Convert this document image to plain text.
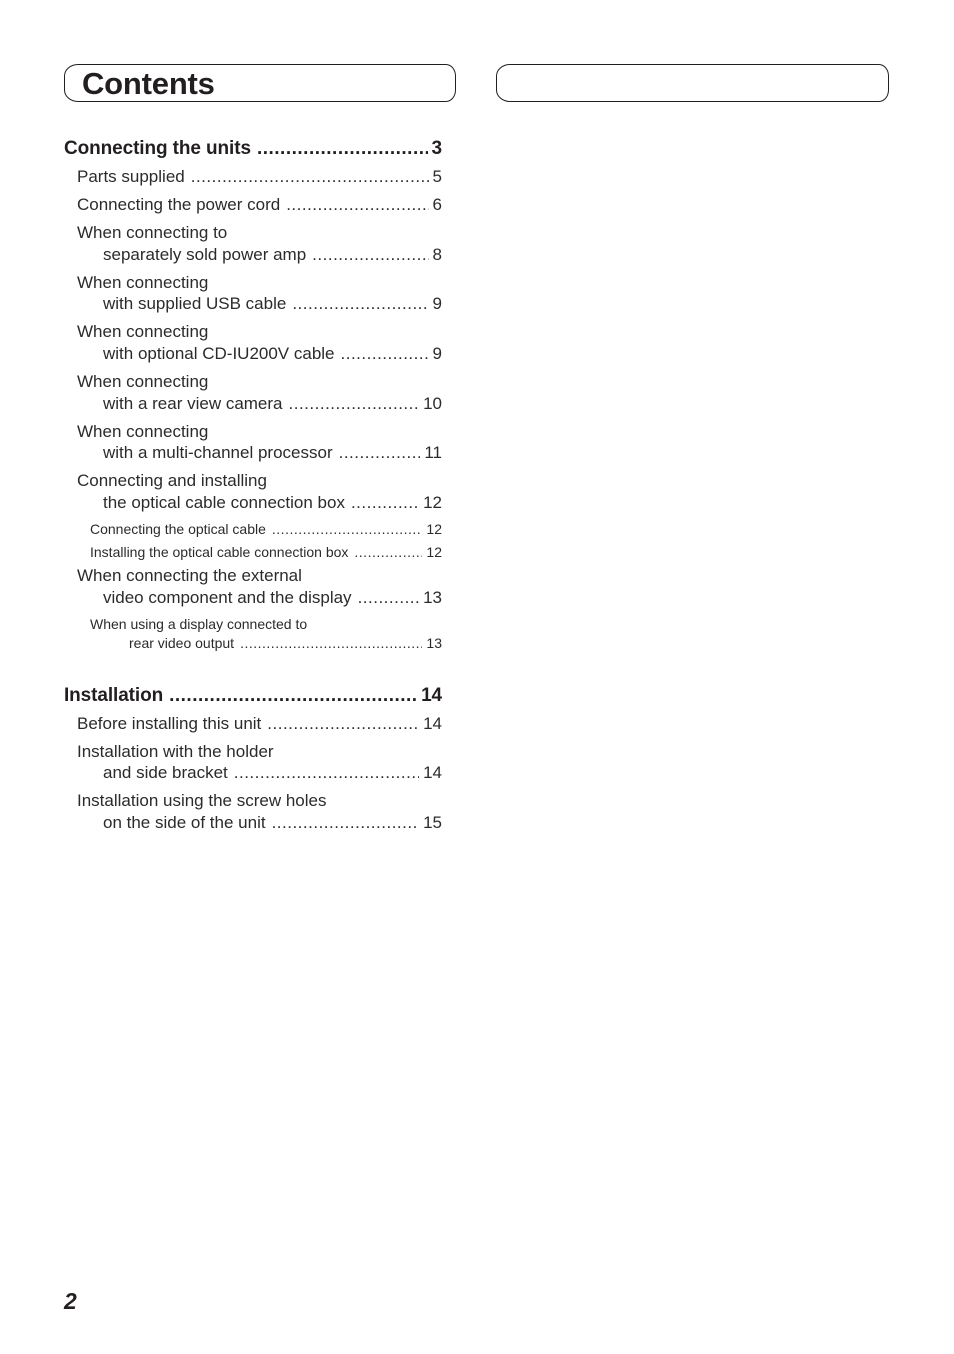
Contents
Connecting the units .....	3
Parts supplied .....	5
Connecting the power cord .....	6
When connecting to
separately sold power amp .....	8
When connecting
with supplied USB cable .....	9
When connecting
with optional CD-IU200V cable .....	9
When connecting
with a rear view camera .....	10
When connecting
with a multi-channel processor .....	11
Connecting and installing
the optical cable connection box .....	12
Connecting the optical cable .....	12
Installing the optical cable connection box .....	12
When connecting the external
video component and the display .....	13
When using a display connected to
rear video output .....	13
Installation .....	14
Before installing this unit .....	14
Installation with the holder
and side bracket .....	14
Installation using the screw holes
on the side of the unit .....	15

2
